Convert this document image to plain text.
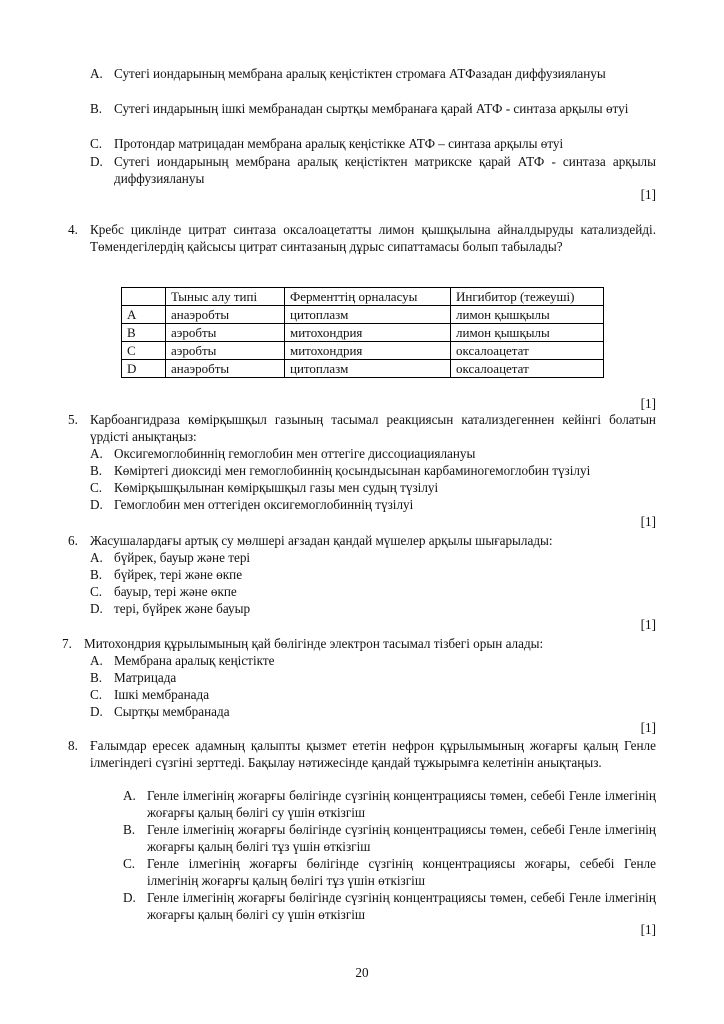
A. Сутегі иондарының мембрана аралық кеңістіктен стромаға АТФазадан диффузиялануы
B. Сутегі индарының ішкі мембранадан сыртқы мембранаға қарай АТФ - синтаза арқылы өтуі
C. Протондар матрицадан мембрана аралық кеңістікке АТФ – синтаза арқылы өтуі
D. Сутегі иондарының мембрана аралық кеңістіктен матрикске қарай АТФ - синтаза арқылы диффузиялануы
[1]
4. Кребс циклінде цитрат синтаза оксалоацетатты лимон қышқылына айналдыруды катализдейді. Төмендегілердің қайсысы цитрат синтазаның дұрыс сипаттамасы болып табылады?
	Тыныс алу типі	Ферменттің орналасуы	Ингибитор (тежеуші)
A	анаэробты	цитоплазм	лимон қышқылы
B	аэробты	митохондрия	лимон қышқылы
C	аэробты	митохондрия	оксалоацетат
D	анаэробты	цитоплазм	оксалоацетат
[1]
5. Карбоангидраза көмірқышқыл газының тасымал реакциясын катализдегеннен кейінгі болатын үрдісті анықтаңыз:
A. Оксигемоглобиннің гемоглобин мен оттегіге диссоциациялануы
B. Көміртегі диоксиді мен гемоглобиннің қосындысынан карбаминогемоглобин түзілуі
C. Көмірқышқылынан көмірқышқыл газы мен судың түзілуі
D. Гемоглобин мен оттегіден оксигемоглобиннің түзілуі
[1]
6. Жасушалардағы артық су мөлшері ағзадан қандай мүшелер арқылы шығарылады:
A. бүйрек, бауыр және тері
B. бүйрек, тері және өкпе
C. бауыр, тері және өкпе
D. тері, бүйрек және бауыр
[1]
7. Митохондрия құрылымының қай бөлігінде электрон тасымал тізбегі орын алады:
A. Мембрана аралық кеңістікте
B. Матрицада
C. Ішкі мембранада
D. Сыртқы мембранада
[1]
8. Ғалымдар ересек адамның қалыпты қызмет ететін нефрон құрылымының жоғарғы қалың Генле ілмегіндегі сүзгіні зерттеді. Бақылау нәтижесінде қандай тұжырымға келетінін анықтаңыз.
A. Генле ілмегінің жоғарғы бөлігінде сүзгінің концентрациясы төмен, себебі Генле ілмегінің жоғарғы қалың бөлігі су үшін өткізгіш
B. Генле ілмегінің жоғарғы бөлігінде сүзгінің концентрациясы төмен, себебі Генле ілмегінің жоғарғы қалың бөлігі тұз үшін өткізгіш
C. Генле ілмегінің жоғарғы бөлігінде сүзгінің концентрациясы жоғары, себебі Генле ілмегінің жоғарғы қалың бөлігі тұз үшін өткізгіш
D. Генле ілмегінің жоғарғы бөлігінде сүзгінің концентрациясы төмен, себебі Генле ілмегінің жоғарғы қалың бөлігі су үшін өткізгіш
[1]
20
